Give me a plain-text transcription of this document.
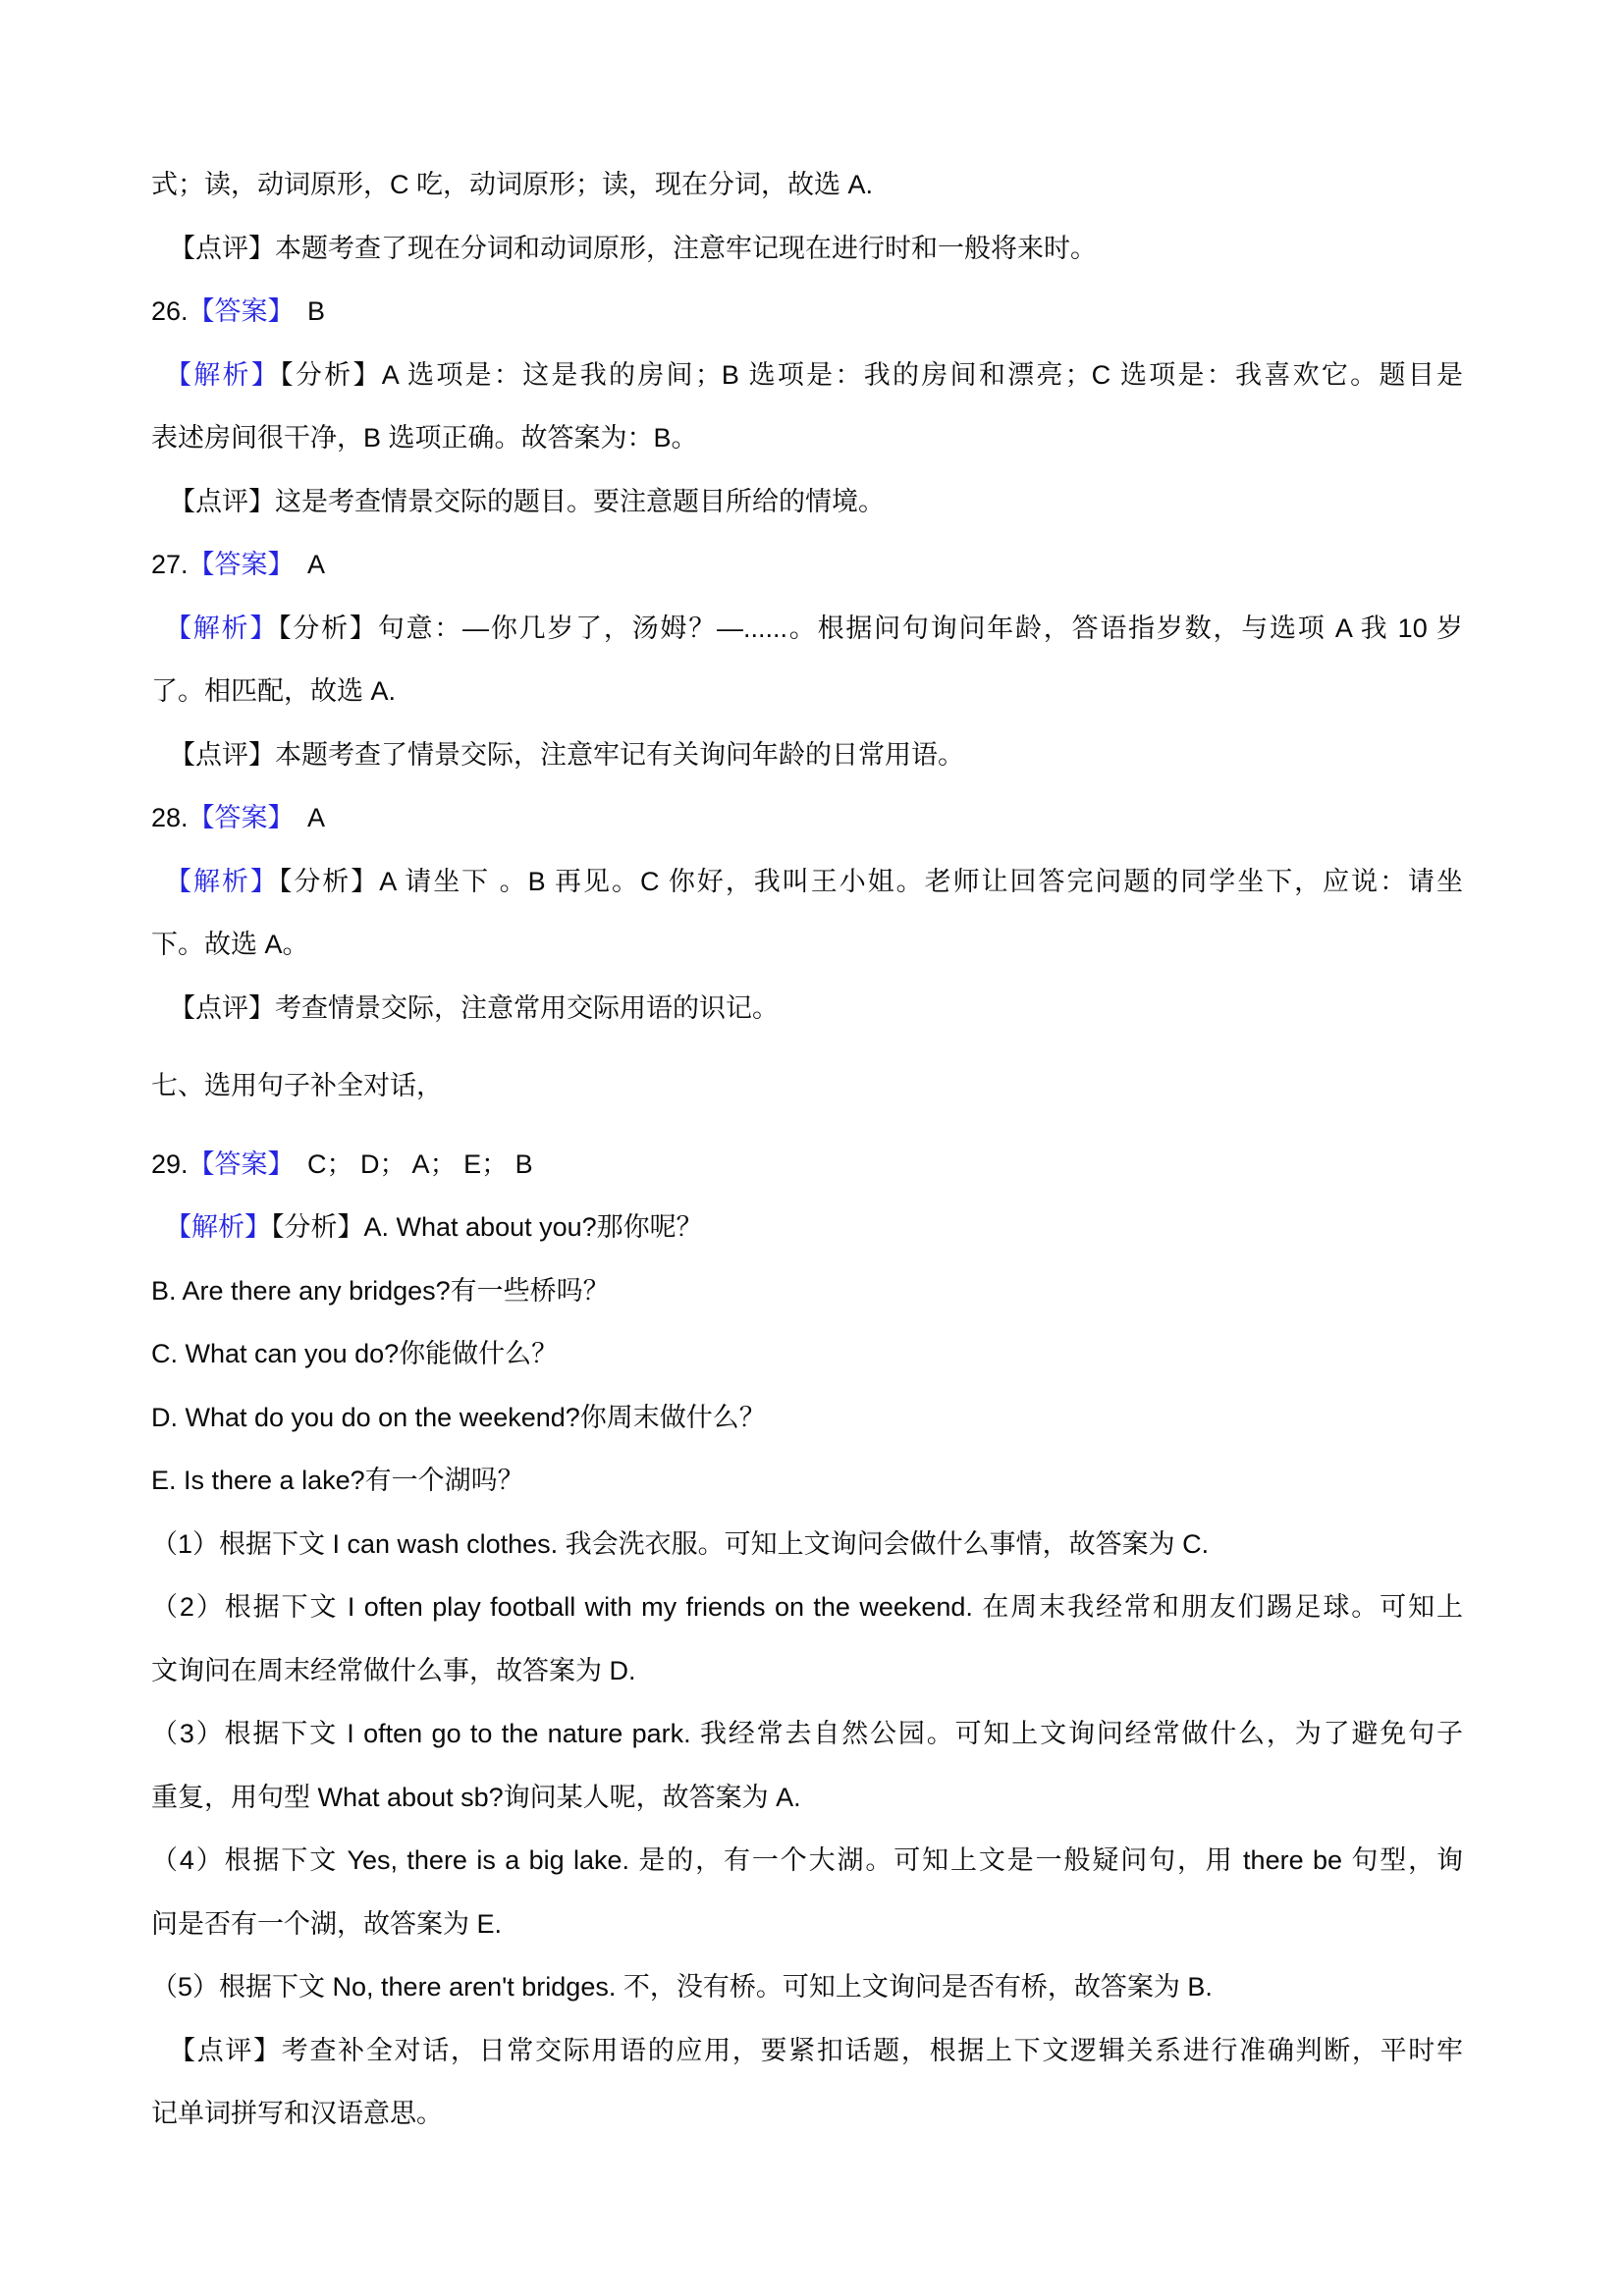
式；读，动词原形，C 吃，动词原形；读，现在分词，故选 A.
【点评】本题考查了现在分词和动词原形，注意牢记现在进行时和一般将来时。
26.【答案】　B
【解析】【分析】A 选项是：这是我的房间；B 选项是：我的房间和漂亮；C 选项是：我喜欢它。题目是
表述房间很干净，B 选项正确。故答案为：B。
【点评】这是考查情景交际的题目。要注意题目所给的情境。
27.【答案】　A
【解析】【分析】句意：—你几岁了，汤姆？—......。根据问句询问年龄，答语指岁数，与选项 A 我 10 岁
了。相匹配，故选 A.
【点评】本题考查了情景交际，注意牢记有关询问年龄的日常用语。
28.【答案】　A
【解析】【分析】A 请坐下 。B 再见。C 你好，我叫王小姐。老师让回答完问题的同学坐下，应说：请坐
下。故选 A。
【点评】考查情景交际，注意常用交际用语的识记。
七、选用句子补全对话，
29.【答案】　C； D； A； E； B
【解析】【分析】A. What about you?那你呢？
B. Are there any bridges?有一些桥吗？
C. What can you do?你能做什么？
D. What do you do on the weekend?你周末做什么？
E. Is there a lake?有一个湖吗？
（1）根据下文 I can wash clothes. 我会洗衣服。可知上文询问会做什么事情，故答案为 C.
（2）根据下文 I often play football with my friends on the weekend. 在周末我经常和朋友们踢足球。可知上
文询问在周末经常做什么事，故答案为 D.
（3）根据下文 I often go to the nature park. 我经常去自然公园。可知上文询问经常做什么，为了避免句子
重复，用句型 What about sb?询问某人呢，故答案为 A.
（4）根据下文 Yes, there is a big lake. 是的，有一个大湖。可知上文是一般疑问句，用 there be 句型，询
问是否有一个湖，故答案为 E.
（5）根据下文 No, there aren't bridges. 不，没有桥。可知上文询问是否有桥，故答案为 B.
【点评】考查补全对话，日常交际用语的应用，要紧扣话题，根据上下文逻辑关系进行准确判断，平时牢
记单词拼写和汉语意思。
